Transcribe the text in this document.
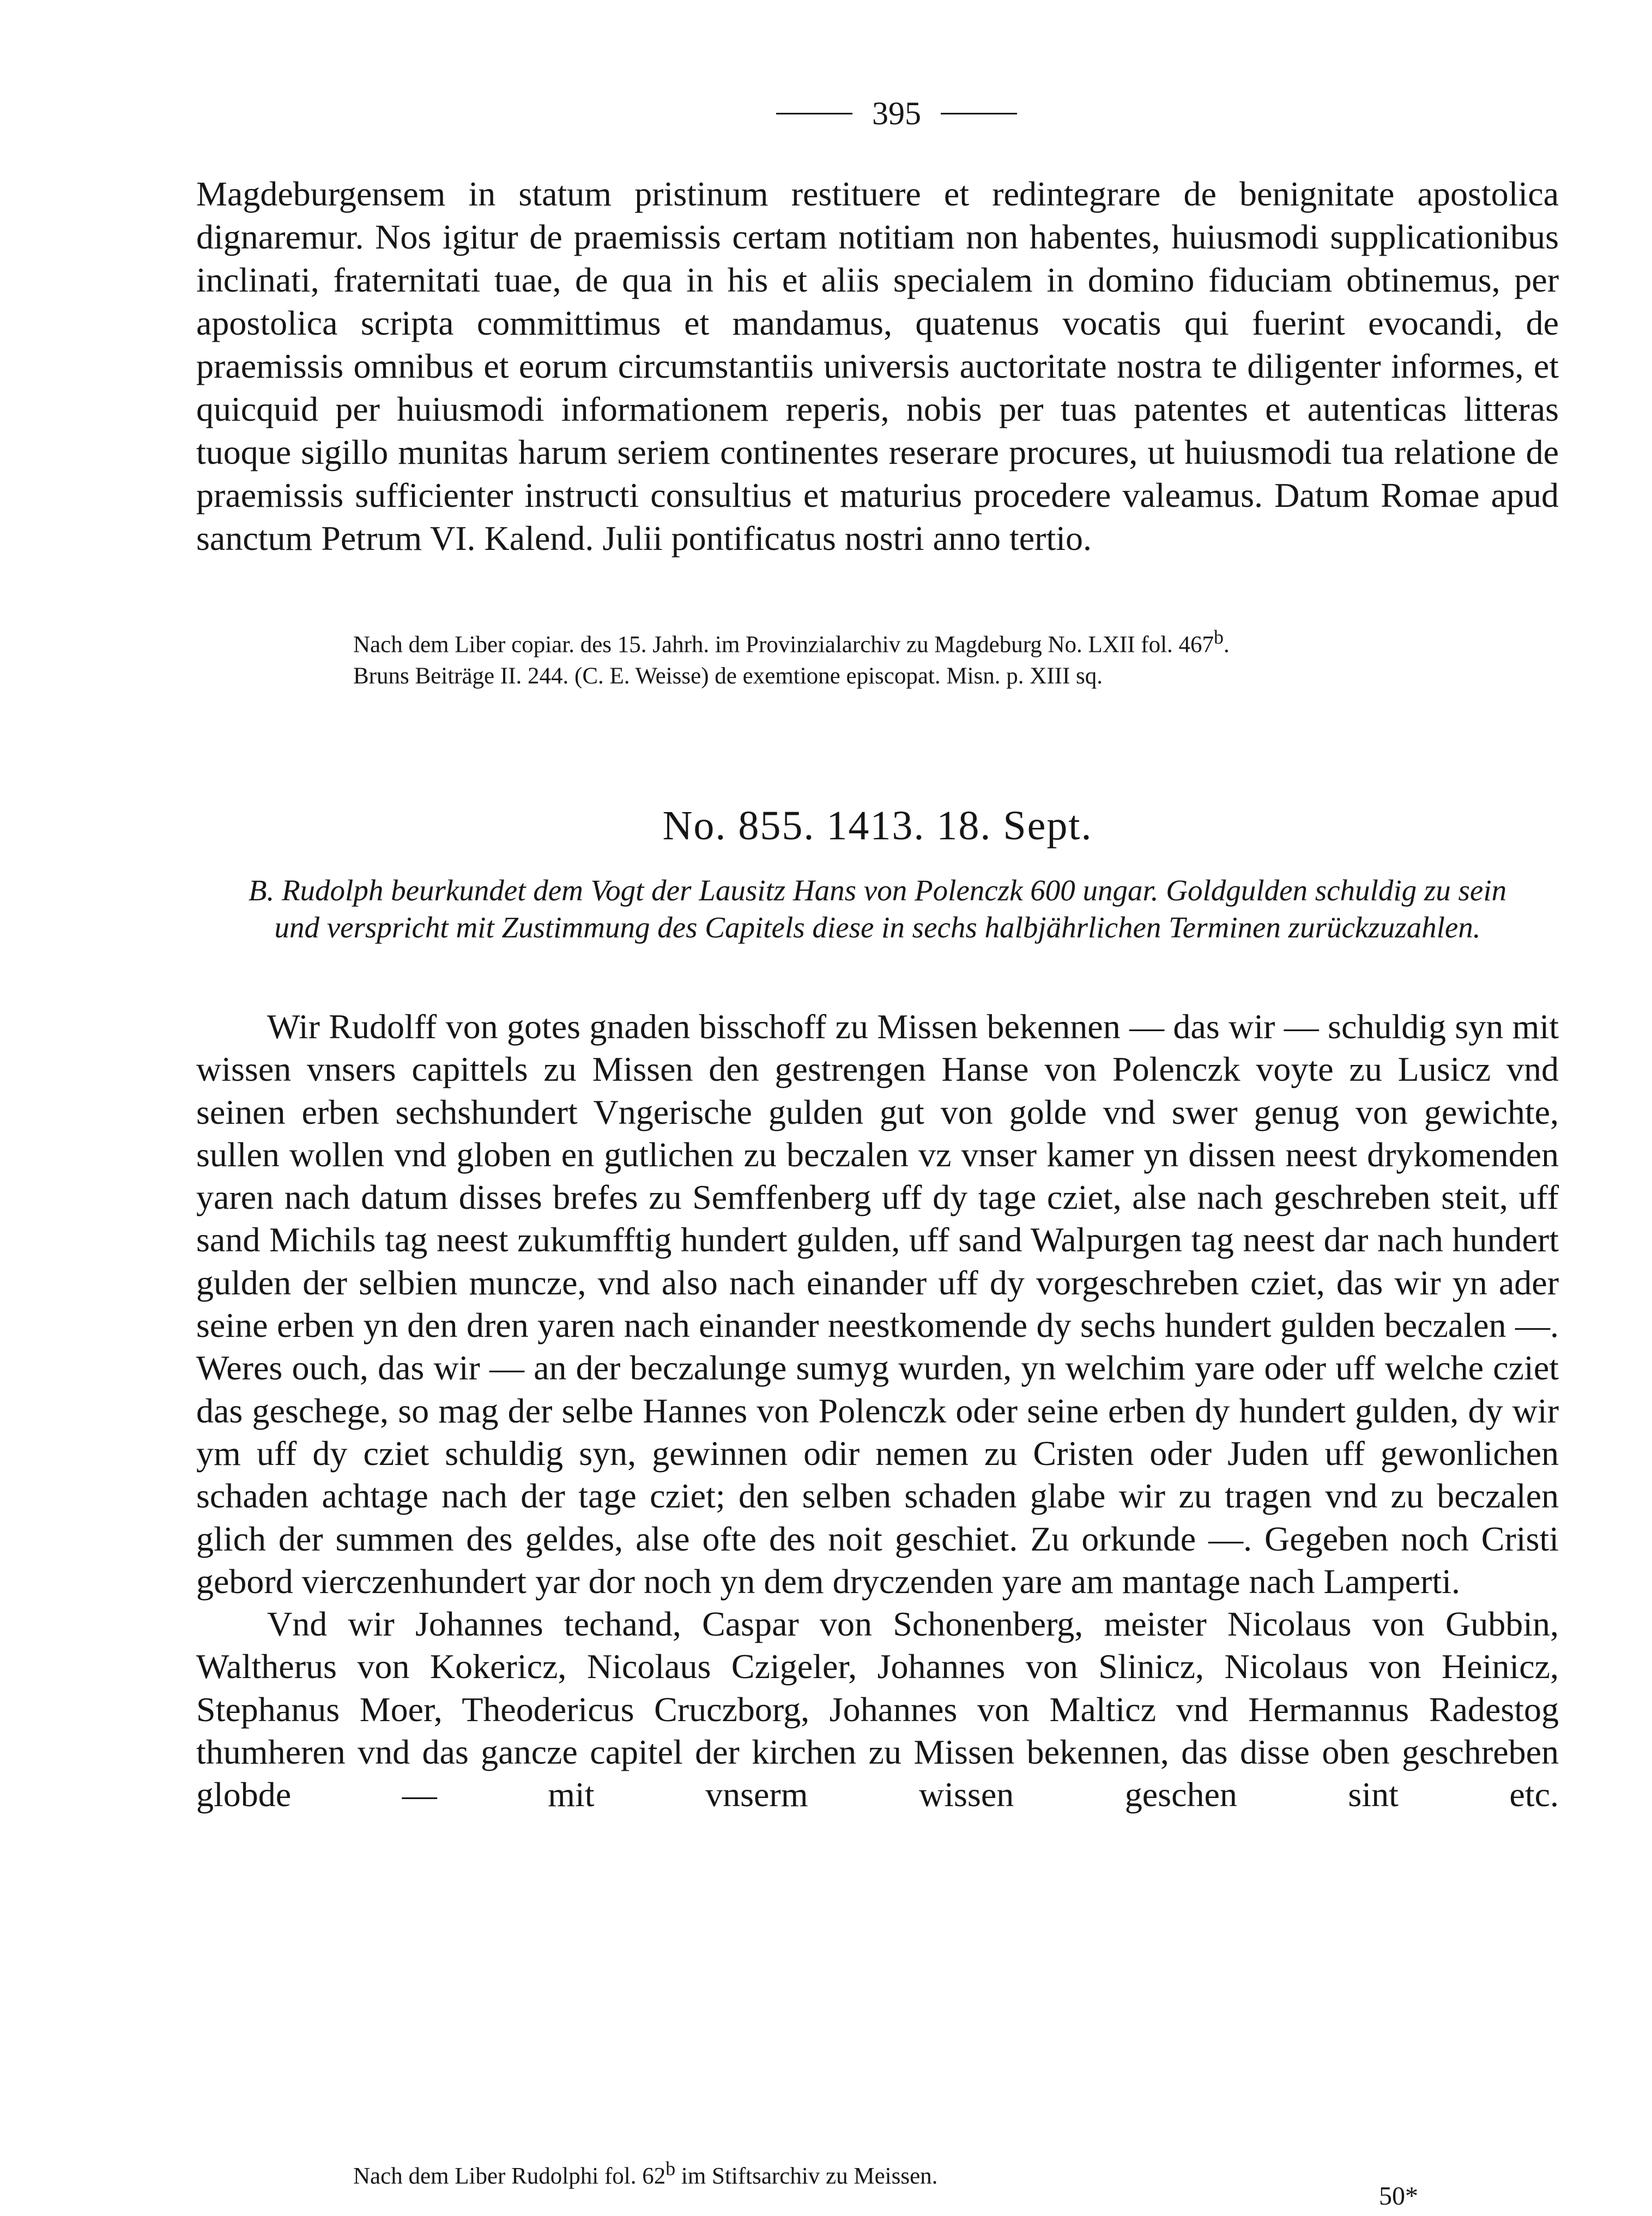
395

Magdeburgensem in statum pristinum restituere et redintegrare de benignitate apostolica dignaremur. Nos igitur de praemissis certam notitiam non habentes, huiusmodi supplicationibus inclinati, fraternitati tuae, de qua in his et aliis specialem in domino fiduciam obtinemus, per apostolica scripta committimus et mandamus, quatenus vocatis qui fuerint evocandi, de praemissis omnibus et eorum circumstantiis universis auctoritate nostra te diligenter informes, et quicquid per huiusmodi informationem reperis, nobis per tuas patentes et autenticas litteras tuoque sigillo munitas harum seriem continentes reserare procures, ut huiusmodi tua relatione de praemissis sufficienter instructi consultius et maturius procedere valeamus. Datum Romae apud sanctum Petrum VI. Kalend. Julii pontificatus nostri anno tertio.

Nach dem Liber copiar. des 15. Jahrh. im Provinzialarchiv zu Magdeburg No. LXII fol. 467$^b$.

Bruns Beiträge II. 244. (C. E. Weisse) de exemtione episcopat. Misn. p. XIII sq.

No. 855. 1413. 18. Sept.
B. Rudolph beurkundet dem Vogt der Lausitz Hans von Polenczk 600 ungar. Goldgulden schuldig zu sein und verspricht mit Zustimmung des Capitels diese in sechs halbjährlichen Terminen zurückzuzahlen.

Wir Rudolff von gotes gnaden bisschoff zu Missen bekennen — das wir — schuldig syn mit wissen vnsers capittels zu Missen den gestrengen Hanse von Polenczk voyte zu Lusicz vnd seinen erben sechshundert Vngerische gulden gut von golde vnd swer genug von gewichte, sullen wollen vnd globen en gutlichen zu beczalen vz vnser kamer yn dissen neest drykomenden yaren nach datum disses brefes zu Semffenberg uff dy tage cziet, alse nach geschreben steit, uff sand Michils tag neest zukumfftig hundert gulden, uff sand Walpurgen tag neest dar nach hundert gulden der selbien muncze, vnd also nach einander uff dy vorgeschreben cziet, das wir yn ader seine erben yn den dren yaren nach einander neestkomende dy sechs hundert gulden beczalen —. Weres ouch, das wir — an der beczalunge sumyg wurden, yn welchim yare oder uff welche cziet das geschege, so mag der selbe Hannes von Polenczk oder seine erben dy hundert gulden, dy wir ym uff dy cziet schuldig syn, gewinnen odir nemen zu Cristen oder Juden uff gewonlichen schaden achtage nach der tage cziet; den selben schaden glabe wir zu tragen vnd zu beczalen glich der summen des geldes, alse ofte des noit geschiet. Zu orkunde —. Gegeben noch Cristi gebord vierczenhundert yar dor noch yn dem dryczenden yare am mantage nach Lamperti.

Vnd wir Johannes techand, Caspar von Schonenberg, meister Nicolaus von Gubbin, Waltherus von Kokericz, Nicolaus Czigeler, Johannes von Slinicz, Nicolaus von Heinicz, Stephanus Moer, Theodericus Cruczborg, Johannes von Malticz vnd Hermannus Radestog thumheren vnd das gancze capitel der kirchen zu Missen bekennen, das disse oben geschreben globde — mit vnserm wissen geschen sint etc.

Nach dem Liber Rudolphi fol. 62$^b$ im Stiftsarchiv zu Meissen.

50*
